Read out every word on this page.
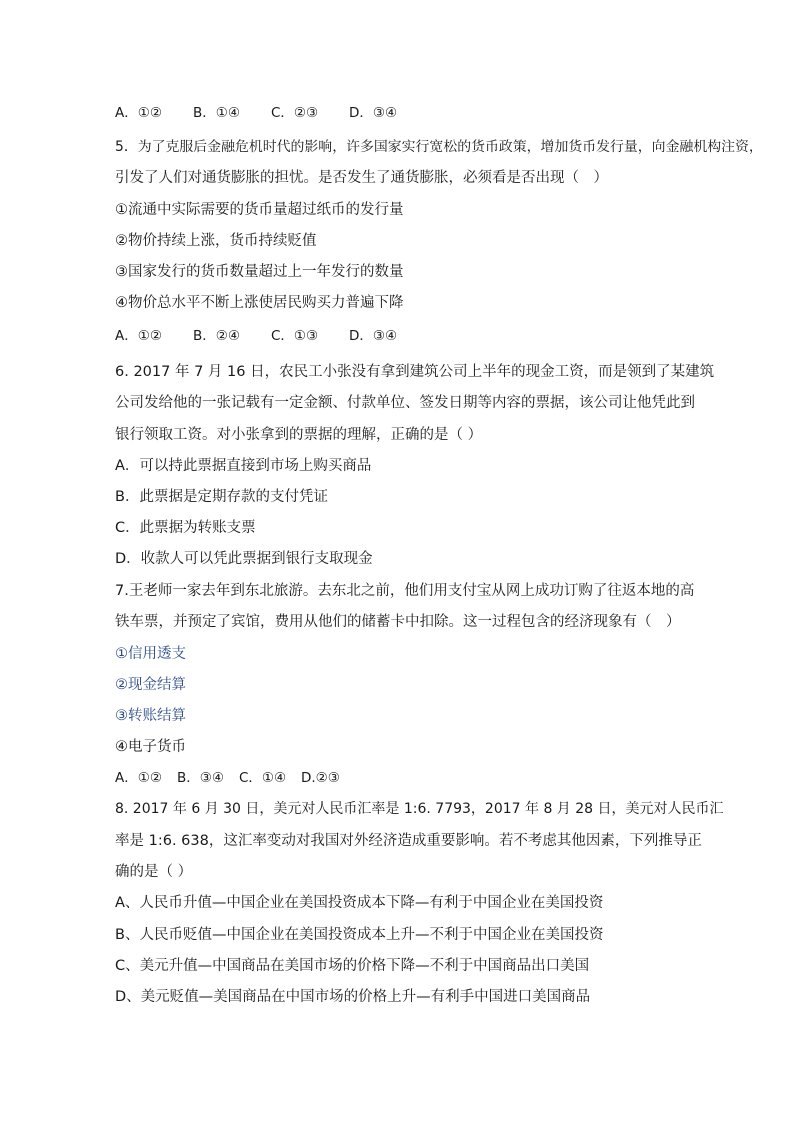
A．①② B．①④ C．②③ D．③④
5．为了克服后金融危机时代的影响，许多国家实行宽松的货币政策，增加货币发行量，向金融机构注资，
引发了人们对通货膨胀的担忧。是否发生了通货膨胀，必须看是否出现（　）
①流通中实际需要的货币量超过纸币的发行量
②物价持续上涨，货币持续贬值
③国家发行的货币数量超过上一年发行的数量
④物价总水平不断上涨使居民购买力普遍下降
A．①② B．②④ C．①③ D．③④
6. 2017 年 7 月 16 日，农民工小张没有拿到建筑公司上半年的现金工资，而是领到了某建筑
公司发给他的一张记载有一定金额、付款单位、签发日期等内容的票据，该公司让他凭此到
银行领取工资。对小张拿到的票据的理解，正确的是（ ）
A．可以持此票据直接到市场上购买商品
B．此票据是定期存款的支付凭证
C．此票据为转账支票
D．收款人可以凭此票据到银行支取现金
7.王老师一家去年到东北旅游。去东北之前，他们用支付宝从网上成功订购了往返本地的高
铁车票，并预定了宾馆，费用从他们的储蓄卡中扣除。这一过程包含的经济现象有（　）
①信用透支
②现金结算
③转账结算
④电子货币
A．①② B．③④ C．①④ D.②③
8. 2017 年 6 月 30 日，美元对人民币汇率是 1:6. 7793，2017 年 8 月 28 日，美元对人民币汇
率是 1:6. 638，这汇率变动对我国对外经济造成重要影响。若不考虑其他因素，下列推导正
确的是（ ）
A、人民币升值—中国企业在美国投资成本下降—有利于中国企业在美国投资
B、人民币贬值—中国企业在美国投资成本上升—不利于中国企业在美国投资
C、美元升值—中国商品在美国市场的价格下降—不利于中国商品出口美国
D、美元贬值—美国商品在中国市场的价格上升—有利手中国进口美国商品
